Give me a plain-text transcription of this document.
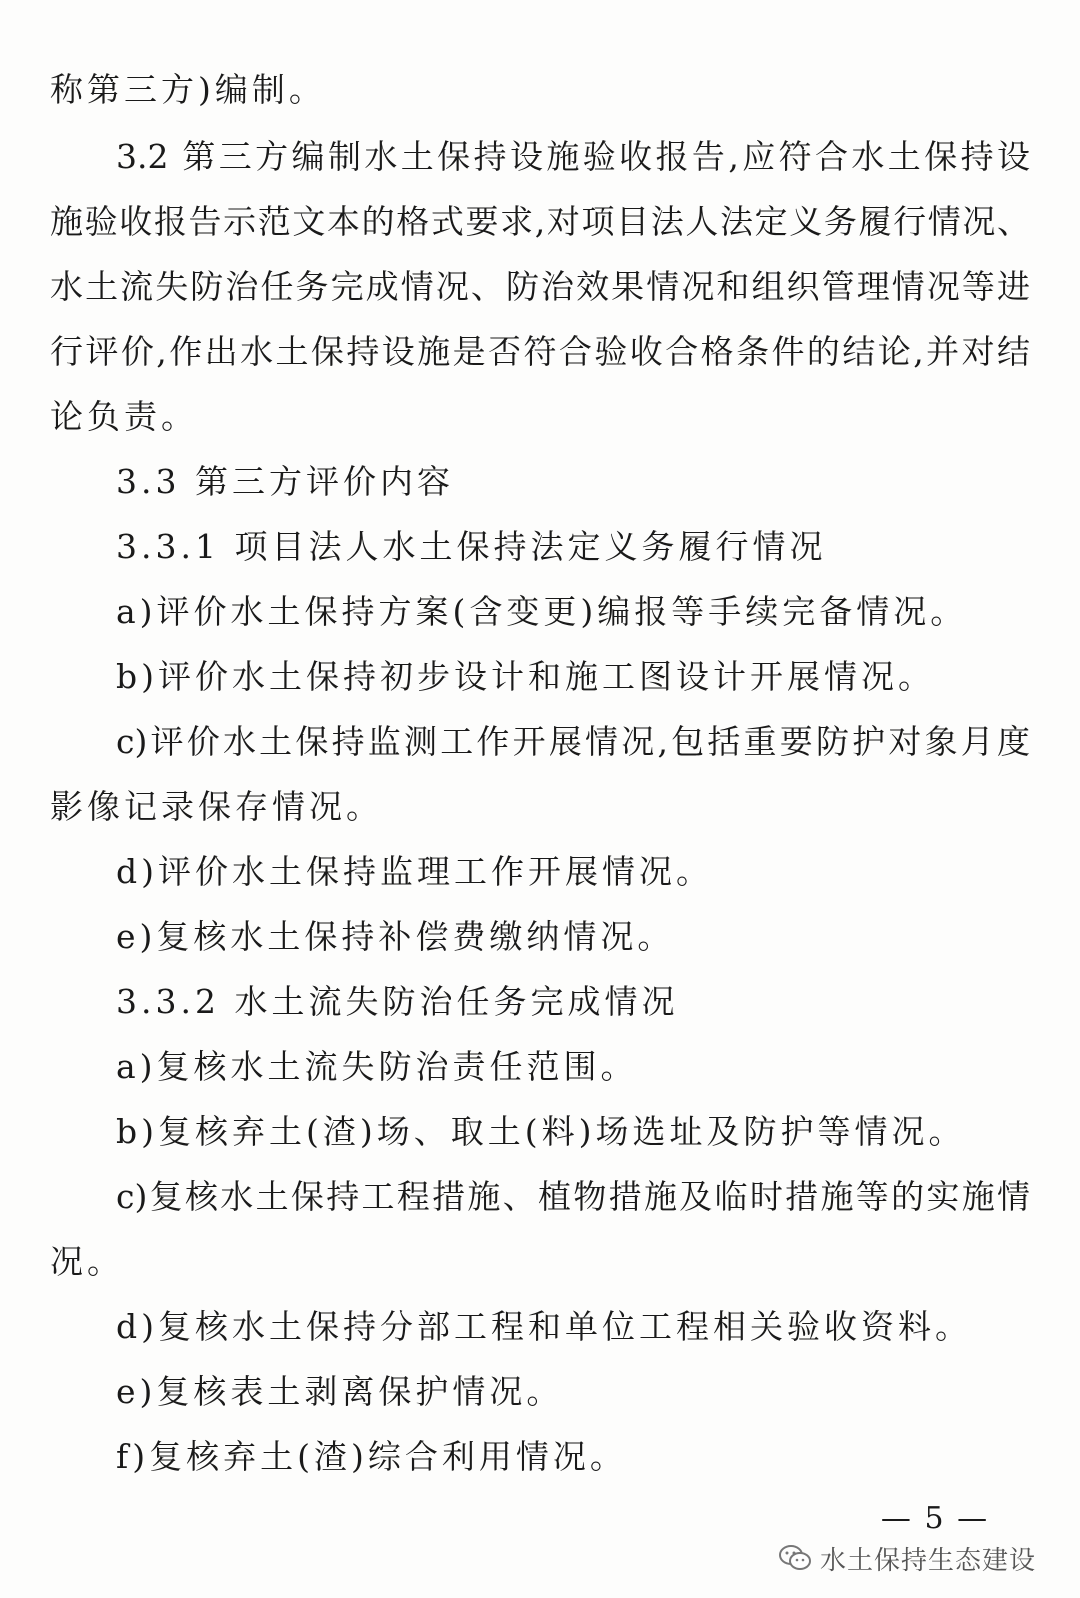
称第三方)编制。
3.2 第三方编制水土保持设施验收报告,应符合水土保持设
施验收报告示范文本的格式要求,对项目法人法定义务履行情况、
水土流失防治任务完成情况、防治效果情况和组织管理情况等进
行评价,作出水土保持设施是否符合验收合格条件的结论,并对结
论负责。
3.3 第三方评价内容
3.3.1 项目法人水土保持法定义务履行情况
a)评价水土保持方案(含变更)编报等手续完备情况。
b)评价水土保持初步设计和施工图设计开展情况。
c)评价水土保持监测工作开展情况,包括重要防护对象月度
影像记录保存情况。
d)评价水土保持监理工作开展情况。
e)复核水土保持补偿费缴纳情况。
3.3.2 水土流失防治任务完成情况
a)复核水土流失防治责任范围。
b)复核弃土(渣)场、取土(料)场选址及防护等情况。
c)复核水土保持工程措施、植物措施及临时措施等的实施情
况。
d)复核水土保持分部工程和单位工程相关验收资料。
e)复核表土剥离保护情况。
f)复核弃土(渣)综合利用情况。
— 5 —
水土保持生态建设
